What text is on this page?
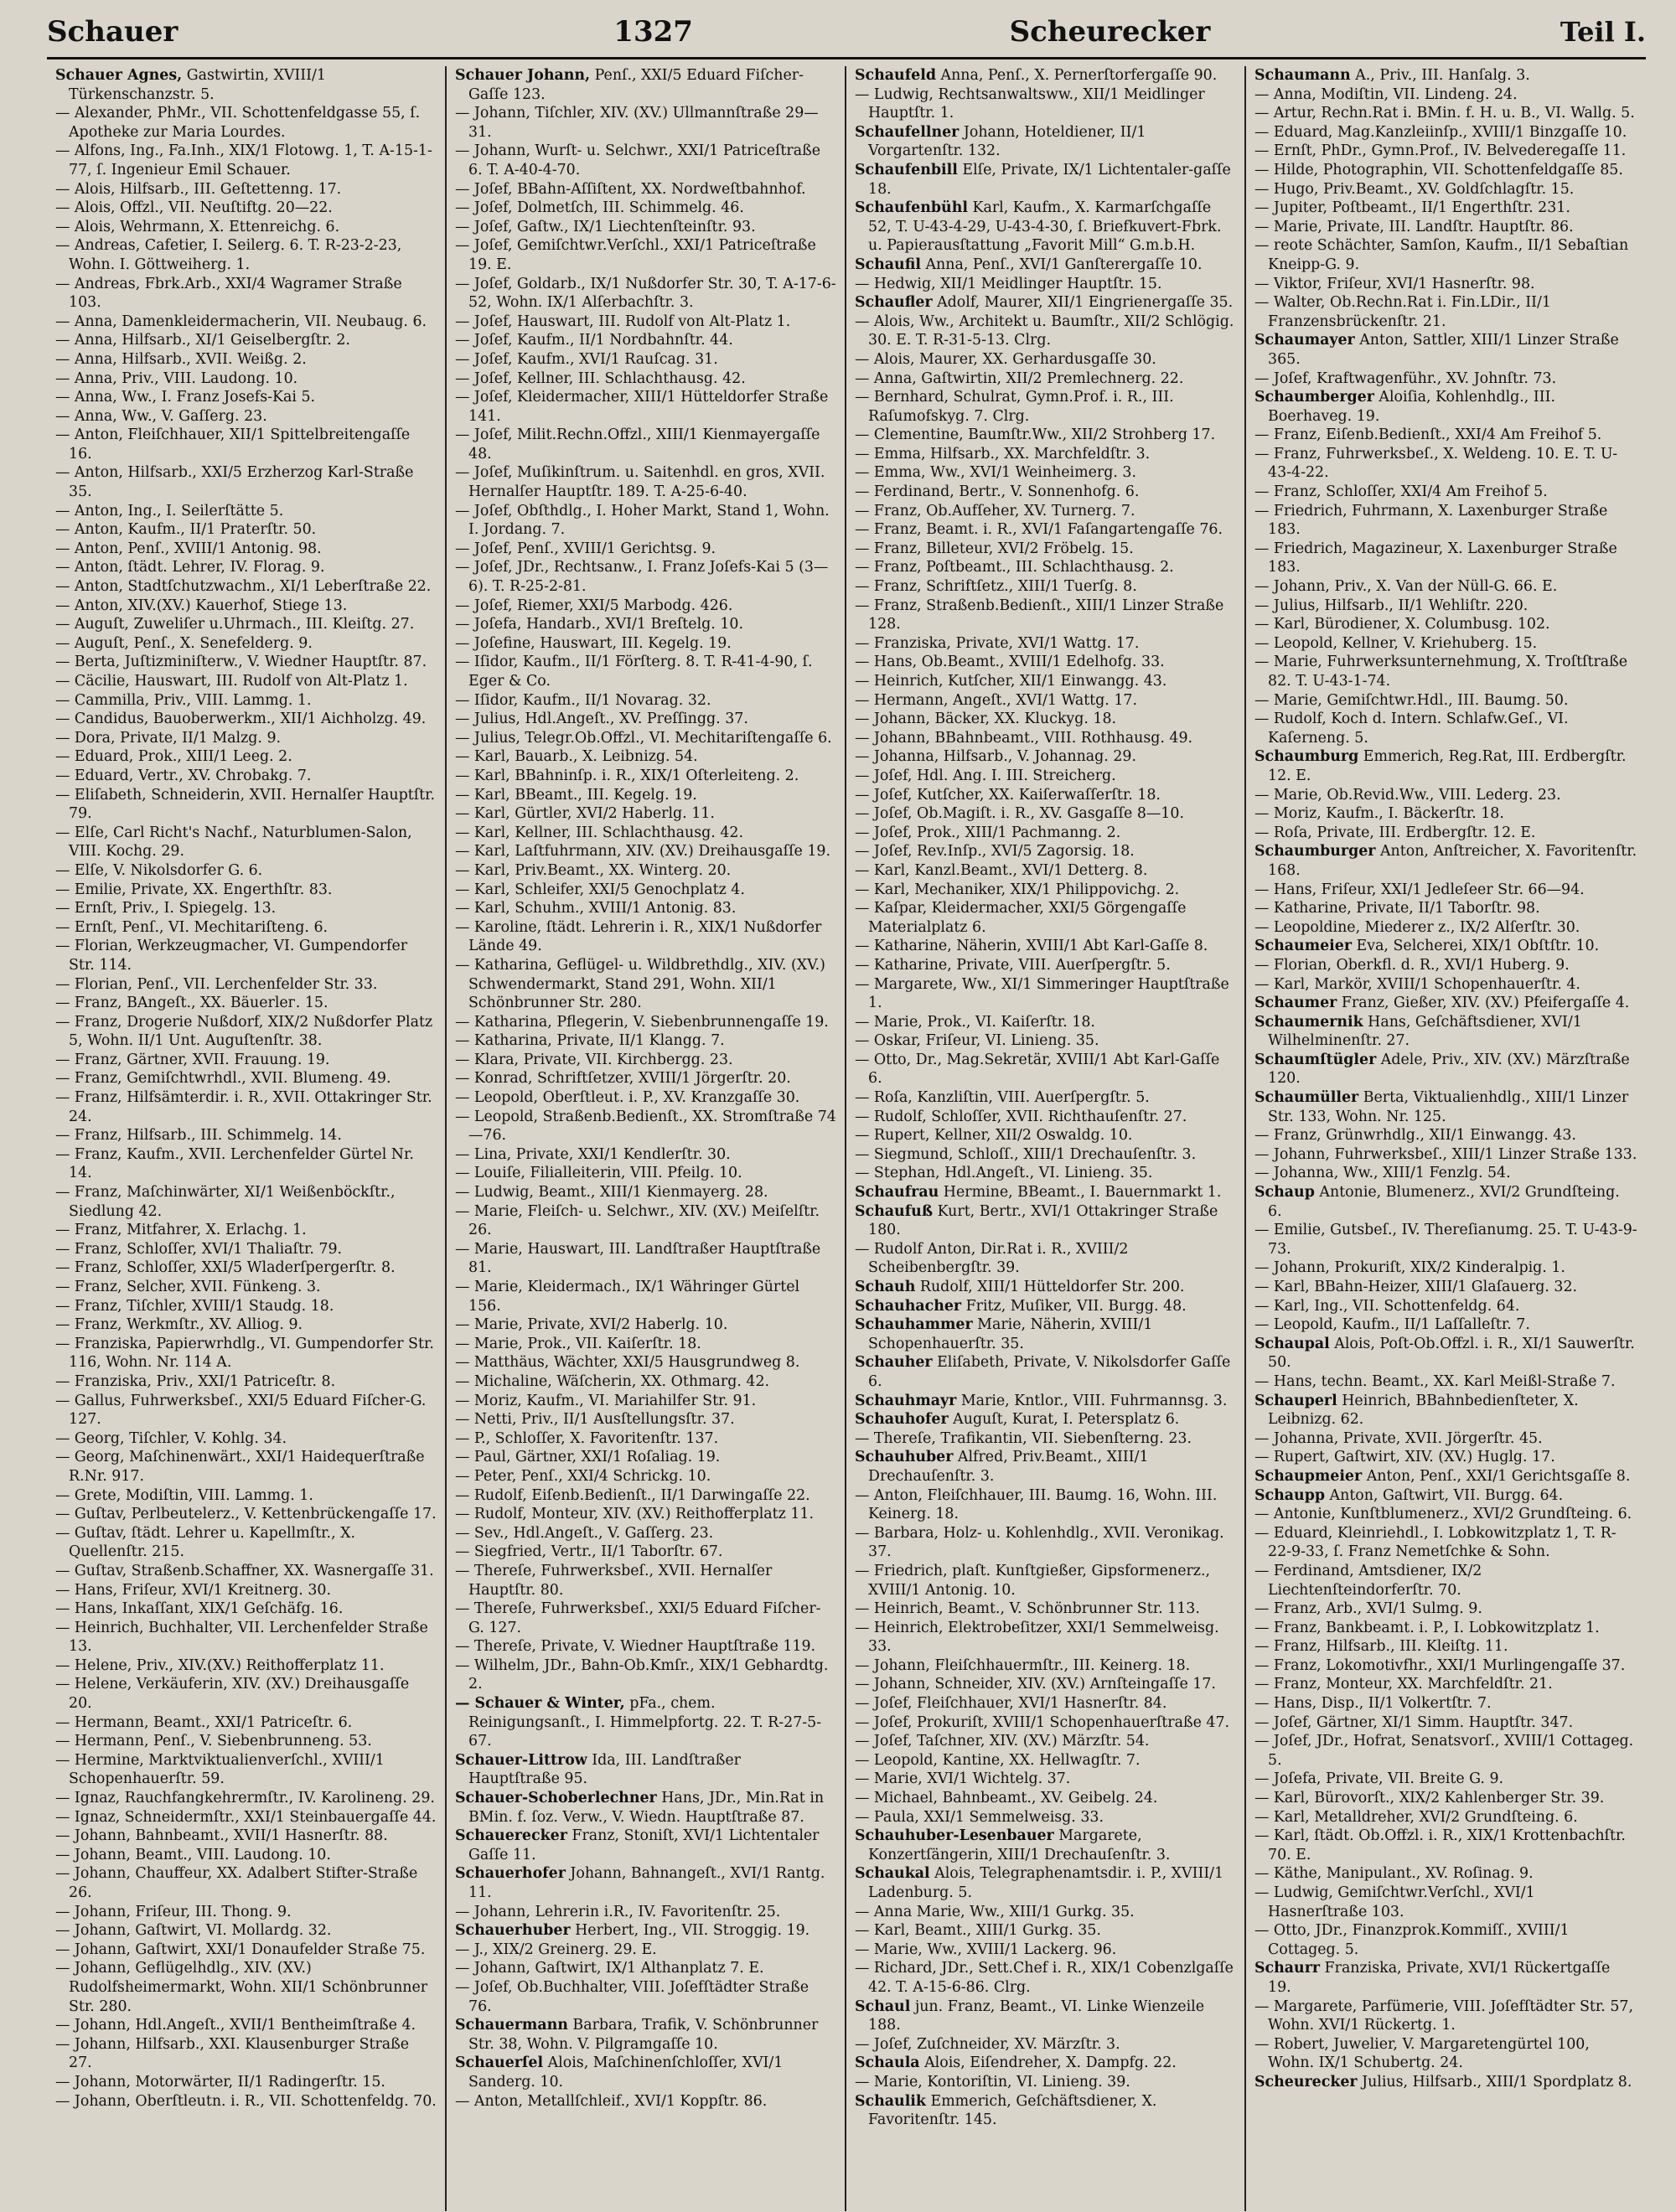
Schauer	1327	Scheurecker	Teil I.

Schauer Agnes, Gastwirtin, XVIII/1 Türkenschanzstr. 5.

— Alexander, PhMr., VII. Schottenfeldgasse 55, ſ. Apotheke zur Maria Lourdes.

— Alfons, Ing., Fa.Inh., XIX/1 Flotowg. 1, T. A-15-1-77, ſ. Ingenieur Emil Schauer.

— Alois, Hilfsarb., III. Geſtettenng. 17.

— Alois, Offzl., VII. Neuſtiftg. 20—22.

— Alois, Wehrmann, X. Ettenreichg. 6.

— Andreas, Cafetier, I. Seilerg. 6. T. R-23-2-23, Wohn. I. Göttweiherg. 1.

— Andreas, Fbrk.Arb., XXI/4 Wagramer Straße 103.

— Anna, Damenkleidermacherin, VII. Neubaug. 6.

— Anna, Hilfsarb., XI/1 Geiselbergſtr. 2.

— Anna, Hilfsarb., XVII. Weißg. 2.

— Anna, Priv., VIII. Laudong. 10.

— Anna, Ww., I. Franz Josefs-Kai 5.

— Anna, Ww., V. Gaſſerg. 23.

— Anton, Fleiſchhauer, XII/1 Spittelbreitengaſſe 16.

— Anton, Hilfsarb., XXI/5 Erzherzog Karl-Straße 35.

— Anton, Ing., I. Seilerſtätte 5.

— Anton, Kaufm., II/1 Praterſtr. 50.

— Anton, Penſ., XVIII/1 Antonig. 98.

— Anton, ſtädt. Lehrer, IV. Florag. 9.

— Anton, Stadtſchutzwachm., XI/1 Leberſtraße 22.

— Anton, XIV.(XV.) Kauerhof, Stiege 13.

— Auguſt, Zuweliſer u.Uhrmach., III. Kleiſtg. 27.

— Auguſt, Penſ., X. Senefelderg. 9.

— Berta, Juſtizminiſterw., V. Wiedner Hauptſtr. 87.

— Cäcilie, Hauswart, III. Rudolf von Alt-Platz 1.

— Cammilla, Priv., VIII. Lammg. 1.

— Candidus, Bauoberwerkm., XII/1 Aichholzg. 49.

— Dora, Private, II/1 Malzg. 9.

— Eduard, Prok., XIII/1 Leeg. 2.

— Eduard, Vertr., XV. Chrobakg. 7.

— Eliſabeth, Schneiderin, XVII. Hernalſer Hauptſtr. 79.

— Elſe, Carl Richt's Nachf., Naturblumen-Salon, VIII. Kochg. 29.

— Elſe, V. Nikolsdorfer G. 6.

— Emilie, Private, XX. Engerthſtr. 83.

— Ernſt, Priv., I. Spiegelg. 13.

— Ernſt, Penſ., VI. Mechitariſteng. 6.

— Florian, Werkzeugmacher, VI. Gumpendorfer Str. 114.

— Florian, Penſ., VII. Lerchenfelder Str. 33.

— Franz, BAngeſt., XX. Bäuerlег. 15.

— Franz, Drogerie Nußdorf, XIX/2 Nußdorfer Platz 5, Wohn. II/1 Unt. Auguſtenſtr. 38.

— Franz, Gärtner, XVII. Frauung. 19.

— Franz, Gemiſchtwrhdl., XVII. Blumeng. 49.

— Franz, Hilfsämterdir. i. R., XVII. Ottakringer Str. 24.

— Franz, Hilfsarb., III. Schimmelg. 14.

— Franz, Kaufm., XVII. Lerchenfelder Gürtel Nr. 14.

— Franz, Maſchinwärter, XI/1 Weißenböckſtr., Siedlung 42.

— Franz, Mitfahrer, X. Erlachg. 1.

— Franz, Schloſſer, XVI/1 Thaliaſtr. 79.

— Franz, Schloſſer, XXI/5 Wladerſpergerſtr. 8.

— Franz, Selcher, XVII. Fünkeng. 3.

— Franz, Tiſchler, XVIII/1 Staudg. 18.

— Franz, Werkmſtr., XV. Alliog. 9.

— Franziska, Papierwrhdlg., VI. Gumpendorfer Str. 116, Wohn. Nr. 114 A.

— Franziska, Priv., XXI/1 Patriceſtr. 8.

— Gallus, Fuhrwerksbeſ., XXI/5 Eduard Fiſcher-G. 127.

— Georg, Tiſchler, V. Kohlg. 34.

— Georg, Maſchinenwärt., XXI/1 Haidequerſtraße R.Nr. 917.

— Grete, Modiſtin, VIII. Lammg. 1.

— Guſtav, Perlbeutelerz., V. Kettenbrückengaſſe 17.

— Guſtav, ſtädt. Lehrer u. Kapellmſtr., X. Quellenſtr. 215.

— Guſtav, Straßenb.Schaffner, XX. Wasnergaſſe 31.

— Hans, Friſeur, XVI/1 Kreitnerg. 30.

— Hans, Inkaſſant, XIX/1 Geſchäfg. 16.

— Heinrich, Buchhalter, VII. Lerchenfelder Straße 13.

— Helene, Priv., XIV.(XV.) Reithofferplatz 11.

— Helene, Verkäuferin, XIV. (XV.) Dreihausgaſſe 20.

— Hermann, Beamt., XXI/1 Patriceſtr. 6.

— Hermann, Penſ., V. Siebenbrunneng. 53.

— Hermine, Marktviktualienverſchl., XVIII/1 Schopenhauerſtr. 59.

— Ignaz, Rauchfangkehrermſtr., IV. Karolineng. 29.

— Ignaz, Schneidermſtr., XXI/1 Steinbauergaſſe 44.

— Johann, Bahnbeamt., XVII/1 Hasnerſtr. 88.

— Johann, Beamt., VIII. Laudong. 10.

— Johann, Chauffeur, XX. Adalbert Stifter-Straße 26.

— Johann, Friſeur, III. Thong. 9.

— Johann, Gaſtwirt, VI. Mollardg. 32.

— Johann, Gaſtwirt, XXI/1 Donaufelder Straße 75.

— Johann, Geflügelhdlg., XIV. (XV.) Rudolfsheimermarkt, Wohn. XII/1 Schönbrunner Str. 280.

— Johann, Hdl.Angeſt., XVII/1 Bentheimſtraße 4.

— Johann, Hilfsarb., XXI. Klausenburger Straße 27.

— Johann, Motorwärter, II/1 Radingerſtr. 15.

— Johann, Oberſtleutn. i. R., VII. Schottenfeldg. 70.

Schauer Johann, Penſ., XXI/5 Eduard Fiſcher-Gaſſe 123.

— Johann, Tiſchler, XIV. (XV.) Ullmannſtraße 29—31.

— Johann, Wurſt- u. Selchwr., XXI/1 Patriceſtraße 6. T. A-40-4-70.

— Joſef, BBahn-Aſſiſtent, XX. Nordweſtbahnhof.

— Joſef, Dolmetſch, III. Schimmelg. 46.

— Joſef, Gaſtw., IX/1 Liechtenſteinſtr. 93.

— Joſef, Gemiſchtwr.Verſchl., XXI/1 Patriceſtraße 19. E.

— Joſef, Goldarb., IX/1 Nußdorfer Str. 30, T. A-17-6-52, Wohn. IX/1 Alſerbachſtr. 3.

— Joſef, Hauswart, III. Rudolf von Alt-Platz 1.

— Joſef, Kaufm., II/1 Nordbahnſtr. 44.

— Joſef, Kaufm., XVI/1 Rauſcag. 31.

— Joſef, Kellner, III. Schlachthausg. 42.

— Joſef, Kleidermacher, XIII/1 Hütteldorfer Straße 141.

— Joſef, Milit.Rechn.Offzl., XIII/1 Kienmayergaſſe 48.

— Joſef, Muſikinſtrum. u. Saitenhdl. en gros, XVII. Hernalſer Hauptſtr. 189. T. A-25-6-40.

— Joſef, Obſthdlg., I. Hoher Markt, Stand 1, Wohn. I. Jordang. 7.

— Joſef, Penſ., XVIII/1 Gerichtsg. 9.

— Joſef, JDr., Rechtsanw., I. Franz Joſefs-Kai 5 (3—6). T. R-25-2-81.

— Joſef, Riemer, XXI/5 Marbodg. 426.

— Joſefa, Handarb., XVI/1 Breſtelg. 10.

— Joſefine, Hauswart, III. Kegelg. 19.

— Iſidor, Kaufm., II/1 Förſterg. 8. T. R-41-4-90, ſ. Eger & Co.

— Iſidor, Kaufm., II/1 Novarag. 32.

— Julius, Hdl.Angeſt., XV. Preſſingg. 37.

— Julius, Telegr.Ob.Offzl., VI. Mechitariſtengaſſe 6.

— Karl, Bauarb., X. Leibnizg. 54.

— Karl, BBahninſp. i. R., XIX/1 Oſterleiteng. 2.

— Karl, BBeamt., III. Kegelg. 19.

— Karl, Gürtler, XVI/2 Haberlg. 11.

— Karl, Kellner, III. Schlachthausg. 42.

— Karl, Laſtfuhrmann, XIV. (XV.) Dreihausgaſſe 19.

— Karl, Priv.Beamt., XX. Winterg. 20.

— Karl, Schleifer, XXI/5 Genochplatz 4.

— Karl, Schuhm., XVIII/1 Antonig. 83.

— Karoline, ſtädt. Lehrerin i. R., XIX/1 Nußdorfer Lände 49.

— Katharina, Geflügel- u. Wildbrethdlg., XIV. (XV.) Schwendermarkt, Stand 291, Wohn. XII/1 Schönbrunner Str. 280.

— Katharina, Pflegerin, V. Siebenbrunnengaſſe 19.

— Katharina, Private, II/1 Klangg. 7.

— Klara, Private, VII. Kirchbergg. 23.

— Konrad, Schriftſetzer, XVIII/1 Jörgerſtr. 20.

— Leopold, Oberſtleut. i. P., XV. Kranzgaſſe 30.

— Leopold, Straßenb.Bedienſt., XX. Stromſtraße 74—76.

— Lina, Private, XXI/1 Kendlerſtr. 30.

— Louiſe, Filialleiterin, VIII. Pfeilg. 10.

— Ludwig, Beamt., XIII/1 Kienmayerg. 28.

— Marie, Fleiſch- u. Selchwr., XIV. (XV.) Meiſelſtr. 26.

— Marie, Hauswart, III. Landſtraßer Hauptſtraße 81.

— Marie, Kleidermach., IX/1 Währinger Gürtel 156.

— Marie, Private, XVI/2 Haberlg. 10.

— Marie, Prok., VII. Kaiſerſtr. 18.

— Matthäus, Wächter, XXI/5 Hausgrundweg 8.

— Michaline, Wäſcherin, XX. Othmarg. 42.

— Moriz, Kaufm., VI. Mariahilfer Str. 91.

— Netti, Priv., II/1 Ausſtellungsſtr. 37.

— P., Schloſſer, X. Favoritenſtr. 137.

— Paul, Gärtner, XXI/1 Roſaliag. 19.

— Peter, Penſ., XXI/4 Schrickg. 10.

— Rudolf, Eiſenb.Bedienſt., II/1 Darwingaſſe 22.

— Rudolf, Monteur, XIV. (XV.) Reithofferplatz 11.

— Sev., Hdl.Angeſt., V. Gaſſerg. 23.

— Siegfried, Vertr., II/1 Taborſtr. 67.

— Thereſe, Fuhrwerksbeſ., XVII. Hernalſer Hauptſtr. 80.

— Thereſe, Fuhrwerksbeſ., XXI/5 Eduard Fiſcher-G. 127.

— Thereſe, Private, V. Wiedner Hauptſtraße 119.

— Wilhelm, JDr., Bahn-Ob.Kmſr., XIX/1 Gebhardtg. 2.

— Schauer & Winter, pFa., chem. Reinigungsanſt., I. Himmelpfortg. 22. T. R-27-5-67.

Schauer-Littrow Ida, III. Landſtraßer Hauptſtraße 95.

Schauer-Schoberlechner Hans, JDr., Min.Rat in BMin. f. ſoz. Verw., V. Wiedn. Hauptſtraße 87.

Schauerecker Franz, Stoniſt, XVI/1 Lichtentaler Gaſſe 11.

Schauerhofer Johann, Bahnangeſt., XVI/1 Rantg. 11.

— Johann, Lehrerin i.R., IV. Favoritenſtr. 25.

Schauerhuber Herbert, Ing., VII. Stroggig. 19.

— J., XIX/2 Greinerg. 29. E.

— Johann, Gaſtwirt, IX/1 Althanplatz 7. E.

— Joſef, Ob.Buchhalter, VIII. Joſefſtädter Straße 76.

Schauermann Barbara, Trafik, V. Schönbrunner Str. 38, Wohn. V. Pilgramgaſſe 10.

Schauerſel Alois, Maſchinenſchloſſer, XVI/1 Sanderg. 10.

— Anton, Metallſchleif., XVI/1 Koppſtr. 86.

Schaufeld Anna, Penſ., X. Pernerſtorfergaſſe 90.

— Ludwig, Rechtsanwaltsww., XII/1 Meidlinger Hauptſtr. 1.

Schaufellner Johann, Hoteldiener, II/1 Vorgartenſtr. 132.

Schaufenbill Elſe, Private, IX/1 Lichtentaler-gaſſe 18.

Schaufenbühl Karl, Kaufm., X. Karmarſchgaſſe 52, T. U-43-4-29, U-43-4-30, ſ. Briefkuvert-Fbrk. u. Papierausſtattung „Favorit Mill“ G.m.b.H.

Schaufil Anna, Penſ., XVI/1 Ganſterergaſſe 10.

— Hedwig, XII/1 Meidlinger Hauptſtr. 15.

Schaufler Adolf, Maurer, XII/1 Eingrienergaſſe 35.

— Alois, Ww., Architekt u. Baumſtr., XII/2 Schlögig. 30. E. T. R-31-5-13. Clrg.

— Alois, Maurer, XX. Gerhardusgaſſe 30.

— Anna, Gaſtwirtin, XII/2 Premlechnerg. 22.

— Bernhard, Schulrat, Gymn.Prof. i. R., III. Raſumofskyg. 7. Clrg.

— Clementine, Baumſtr.Ww., XII/2 Strohberg 17.

— Emma, Hilfsarb., XX. Marchfeldſtr. 3.

— Emma, Ww., XVI/1 Weinheimerg. 3.

— Ferdinand, Bertr., V. Sonnenhofg. 6.

— Franz, Ob.Aufſeher, XV. Turnerg. 7.

— Franz, Beamt. i. R., XVI/1 Faſangartengaſſe 76.

— Franz, Billeteur, XVI/2 Fröbelg. 15.

— Franz, Poſtbeamt., III. Schlachthausg. 2.

— Franz, Schriftſetz., XIII/1 Tuerſg. 8.

— Franz, Straßenb.Bedienſt., XIII/1 Linzer Straße 128.

— Franziska, Private, XVI/1 Wattg. 17.

— Hans, Ob.Beamt., XVIII/1 Edelhofg. 33.

— Heinrich, Kutſcher, XII/1 Einwangg. 43.

— Hermann, Angeſt., XVI/1 Wattg. 17.

— Johann, Bäcker, XX. Kluckyg. 18.

— Johann, BBahnbeamt., VIII. Rothhausg. 49.

— Johanna, Hilfsarb., V. Johannag. 29.

— Joſef, Hdl. Ang. I. III. Streicherg.

— Joſef, Kutſcher, XX. Kaiſerwaſſerſtr. 18.

— Joſef, Ob.Magiſt. i. R., XV. Gasgaſſe 8—10.

— Joſef, Prok., XIII/1 Pachmanng. 2.

— Joſef, Rev.Inſp., XVI/5 Zagorsig. 18.

— Karl, Kanzl.Beamt., XVI/1 Detterg. 8.

— Karl, Mechaniker, XIX/1 Philippovichg. 2.

— Kaſpar, Kleidermacher, XXI/5 Görgengaſſe Materialplatz 6.

— Katharine, Näherin, XVIII/1 Abt Karl-Gaſſe 8.

— Katharine, Private, VIII. Auerſpergſtr. 5.

— Margarete, Ww., XI/1 Simmeringer Hauptſtraße 1.

— Marie, Prok., VI. Kaiſerſtr. 18.

— Oskar, Friſeur, VI. Linieng. 35.

— Otto, Dr., Mag.Sekretär, XVIII/1 Abt Karl-Gaſſe 6.

— Roſa, Kanzliſtin, VIII. Auerſpergſtr. 5.

— Rudolf, Schloſſer, XVII. Richthauſenſtr. 27.

— Rupert, Kellner, XII/2 Oswaldg. 10.

— Siegmund, Schloſſ., XIII/1 Drechauſenſtr. 3.

— Stephan, Hdl.Angeſt., VI. Linieng. 35.

Schaufrau Hermine, BBeamt., I. Bauernmarkt 1.

Schaufuß Kurt, Bertr., XVI/1 Ottakringer Straße 180.

— Rudolf Anton, Dir.Rat i. R., XVIII/2 Scheibenbergſtr. 39.

Schauh Rudolf, XIII/1 Hütteldorfer Str. 200.

Schauhacher Fritz, Muſiker, VII. Burgg. 48.

Schauhammer Marie, Näherin, XVIII/1 Schopenhauerſtr. 35.

Schauher Eliſabeth, Private, V. Nikolsdorfer Gaſſe 6.

Schauhmayr Marie, Kntlor., VIII. Fuhrmannsg. 3.

Schauhofer Auguſt, Kurat, I. Petersplatz 6.

— Thereſe, Trafikantin, VII. Siebenſterng. 23.

Schauhuber Alfred, Priv.Beamt., XIII/1 Drechauſenſtr. 3.

— Anton, Fleiſchhauer, III. Baumg. 16, Wohn. III. Keinerg. 18.

— Barbara, Holz- u. Kohlenhdlg., XVII. Veronikag. 37.

— Friedrich, plaſt. Kunſtgießer, Gipsformenerz., XVIII/1 Antonig. 10.

— Heinrich, Beamt., V. Schönbrunner Str. 113.

— Heinrich, Elektrobeſitzer, XXI/1 Semmelweisg. 33.

— Johann, Fleiſchhauermſtr., III. Keinerg. 18.

— Johann, Schneider, XIV. (XV.) Arnſteingaſſe 17.

— Joſef, Fleiſchhauer, XVI/1 Hasnerſtr. 84.

— Joſef, Prokuriſt, XVIII/1 Schopenhauerſtraße 47.

— Joſef, Taſchner, XIV. (XV.) Märzſtr. 54.

— Leopold, Kantine, XX. Hellwagſtr. 7.

— Marie, XVI/1 Wichtelg. 37.

— Michael, Bahnbeamt., XV. Geibelg. 24.

— Paula, XXI/1 Semmelweisg. 33.

Schauhuber-Lesenbauer Margarete, Konzertſängerin, XIII/1 Drechauſenſtr. 3.

Schaukal Alois, Telegraphenamtsdir. i. P., XVIII/1 Ladenburg. 5.

— Anna Marie, Ww., XIII/1 Gurkg. 35.

— Karl, Beamt., XIII/1 Gurkg. 35.

— Marie, Ww., XVIII/1 Lackerg. 96.

— Richard, JDr., Sett.Chef i. R., XIX/1 Cobenzlgaſſe 42. T. A-15-6-86. Clrg.

Schaul jun. Franz, Beamt., VI. Linke Wienzeile 188.

— Joſef, Zuſchneider, XV. Märzſtr. 3.

Schaula Alois, Eiſendreher, X. Dampfg. 22.

— Marie, Kontoriſtin, VI. Linieng. 39.

Schaulik Emmerich, Geſchäftsdiener, X. Favoritenſtr. 145.

Schaumann A., Priv., III. Hanſalg. 3.

— Anna, Modiſtin, VII. Lindeng. 24.

— Artur, Rechn.Rat i. BMin. f. H. u. B., VI. Wallg. 5.

— Eduard, Mag.Kanzleiinſp., XVIII/1 Binzgaſſe 10.

— Ernſt, PhDr., Gymn.Prof., IV. Belvederegaſſe 11.

— Hilde, Photographin, VII. Schottenfeldgaſſe 85.

— Hugo, Priv.Beamt., XV. Goldſchlagſtr. 15.

— Jupiter, Poſtbeamt., II/1 Engerthſtr. 231.

— Marie, Private, III. Landſtr. Hauptſtr. 86.

— reote Schächter, Samſon, Kaufm., II/1 Sebaſtian Kneipp-G. 9.

— Viktor, Friſeur, XVI/1 Hasnerſtr. 98.

— Walter, Ob.Rechn.Rat i. Fin.LDir., II/1 Franzensbrückenſtr. 21.

Schaumayer Anton, Sattler, XIII/1 Linzer Straße 365.

— Joſef, Kraftwagenführ., XV. Johnſtr. 73.

Schaumberger Aloiſia, Kohlenhdlg., III. Boerhaveg. 19.

— Franz, Eiſenb.Bedienſt., XXI/4 Am Freihof 5.

— Franz, Fuhrwerksbeſ., X. Weldeng. 10. E. T. U-43-4-22.

— Franz, Schloſſer, XXI/4 Am Freihof 5.

— Friedrich, Fuhrmann, X. Laxenburger Straße 183.

— Friedrich, Magazineur, X. Laxenburger Straße 183.

— Johann, Priv., X. Van der Nüll-G. 66. E.

— Julius, Hilfsarb., II/1 Wehliſtr. 220.

— Karl, Bürodiener, X. Columbusg. 102.

— Leopold, Kellner, V. Kriehuberg. 15.

— Marie, Fuhrwerksunternehmung, X. Troſtſtraße 82. T. U-43-1-74.

— Marie, Gemiſchtwr.Hdl., III. Baumg. 50.

— Rudolf, Koch d. Intern. Schlafw.Geſ., VI. Kaſerneng. 5.

Schaumburg Emmerich, Reg.Rat, III. Erdbergſtr. 12. E.

— Marie, Ob.Revid.Ww., VIII. Lederg. 23.

— Moriz, Kaufm., I. Bäckerſtr. 18.

— Roſa, Private, III. Erdbergſtr. 12. E.

Schaumburger Anton, Anſtreicher, X. Favoritenſtr. 168.

— Hans, Friſeur, XXI/1 Jedleſeer Str. 66—94.

— Katharine, Private, II/1 Taborſtr. 98.

— Leopoldine, Miederer z., IX/2 Alſerſtr. 30.

Schaumeier Eva, Selcherei, XIX/1 Obſtſtr. 10.

— Florian, Oberkfl. d. R., XVI/1 Huberg. 9.

— Karl, Markör, XVIII/1 Schopenhauerſtr. 4.

Schaumer Franz, Gießer, XIV. (XV.) Pfeifergaſſe 4.

Schaumernik Hans, Geſchäftsdiener, XVI/1 Wilhelminenſtr. 27.

Schaumſtügler Adele, Priv., XIV. (XV.) Märzſtraße 120.

Schaumüller Berta, Viktualienhdlg., XIII/1 Linzer Str. 133, Wohn. Nr. 125.

— Franz, Grünwrhdlg., XII/1 Einwangg. 43.

— Johann, Fuhrwerksbeſ., XIII/1 Linzer Straße 133.

— Johanna, Ww., XIII/1 Fenzlg. 54.

Schaup Antonie, Blumenerz., XVI/2 Grundſteing. 6.

— Emilie, Gutsbeſ., IV. Thereſianumg. 25. T. U-43-9-73.

— Johann, Prokuriſt, XIX/2 Kinderalpig. 1.

— Karl, BBahn-Heizer, XIII/1 Glaſauerg. 32.

— Karl, Ing., VII. Schottenfeldg. 64.

— Leopold, Kaufm., II/1 Laſſalleſtr. 7.

Schaupal Alois, Poſt-Ob.Offzl. i. R., XI/1 Sauwerſtr. 50.

— Hans, techn. Beamt., XX. Karl Meißl-Straße 7.

Schauperl Heinrich, BBahnbedienſteter, X. Leibnizg. 62.

— Johanna, Private, XVII. Jörgerſtr. 45.

— Rupert, Gaſtwirt, XIV. (XV.) Huglg. 17.

Schaupmeier Anton, Penſ., XXI/1 Gerichtsgaſſe 8.

Schaupp Anton, Gaſtwirt, VII. Burgg. 64.

— Antonie, Kunſtblumenerz., XVI/2 Grundſteing. 6.

— Eduard, Kleinriehdl., I. Lobkowitzplatz 1, T. R-22-9-33, ſ. Franz Nemetſchke & Sohn.

— Ferdinand, Amtsdiener, IX/2 Liechtenſteindorferſtr. 70.

— Franz, Arb., XVI/1 Sulmg. 9.

— Franz, Bankbeamt. i. P., I. Lobkowitzplatz 1.

— Franz, Hilfsarb., III. Kleiſtg. 11.

— Franz, Lokomotivfhr., XXI/1 Murlingengaſſe 37.

— Franz, Monteur, XX. Marchfeldſtr. 21.

— Hans, Disp., II/1 Volkertſtr. 7.

— Joſef, Gärtner, XI/1 Simm. Hauptſtr. 347.

— Joſef, JDr., Hofrat, Senatsvorſ., XVIII/1 Cottageg. 5.

— Joſefa, Private, VII. Breite G. 9.

— Karl, Bürovorſt., XIX/2 Kahlenberger Str. 39.

— Karl, Metalldreher, XVI/2 Grundſteing. 6.

— Karl, ſtädt. Ob.Offzl. i. R., XIX/1 Krottenbachſtr. 70. E.

— Käthe, Manipulant., XV. Roſinag. 9.

— Ludwig, Gemiſchtwr.Verſchl., XVI/1 Hasnerſtraße 103.

— Otto, JDr., Finanzprok.Kommiſſ., XVIII/1 Cottageg. 5.

Schaurr Franziska, Private, XVI/1 Rückertgaſſe 19.

— Margarete, Parfümerie, VIII. Joſefſtädter Str. 57, Wohn. XVI/1 Rückertg. 1.

— Robert, Juwelier, V. Margaretengürtel 100, Wohn. IX/1 Schubertg. 24.

Scheurecker Julius, Hilfsarb., XIII/1 Spordplatz 8.
